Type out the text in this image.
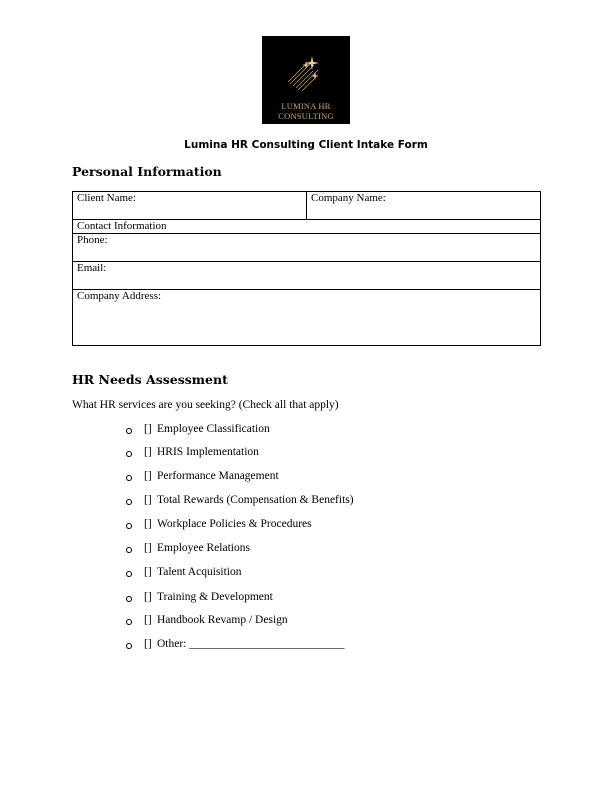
LUMINA HR
CONSULTING
Lumina HR Consulting Client Intake Form
Personal Information
Client Name:	Company Name:
Contact Information
Phone:
Email:
Company Address:
HR Needs Assessment
What HR services are you seeking? (Check all that apply)
[] Employee Classification
[] HRIS Implementation
[] Performance Management
[] Total Rewards (Compensation & Benefits)
[] Workplace Policies & Procedures
[] Employee Relations
[] Talent Acquisition
[] Training & Development
[] Handbook Revamp / Design
[] Other: ___________________________
